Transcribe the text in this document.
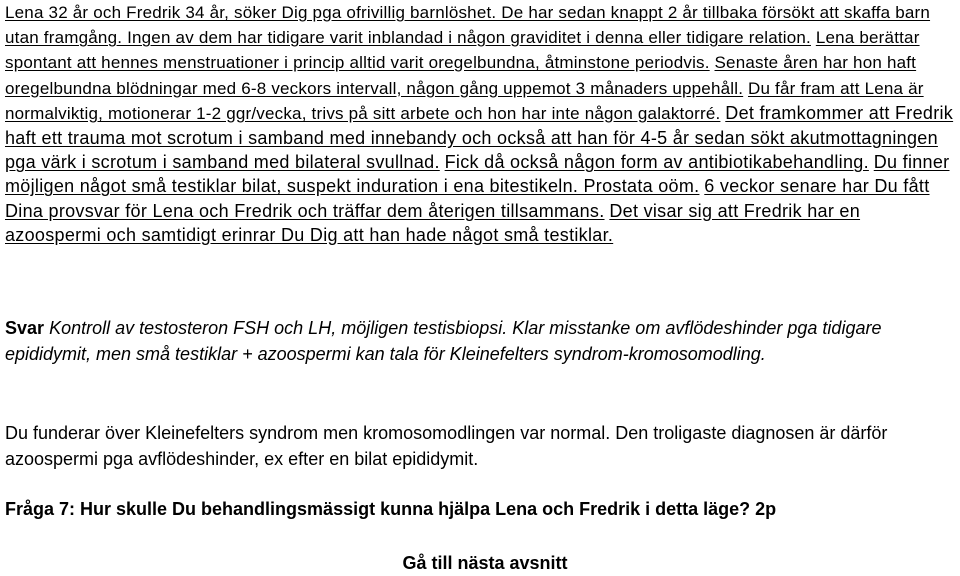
Lena 32 år och Fredrik 34 år, söker Dig pga ofrivillig barnlöshet. De har sedan knappt 2 år tillbaka försökt att skaffa barn utan framgång. Ingen av dem har tidigare varit inblandad i någon graviditet i denna eller tidigare relation. Lena berättar spontant att hennes menstruationer i princip alltid varit oregelbundna, åtminstone periodvis. Senaste åren har hon haft oregelbundna blödningar med 6-8 veckors intervall, någon gång uppemot 3 månaders uppehåll. Du får fram att Lena är normalviktig, motionerar 1-2 ggr/vecka, trivs på sitt arbete och hon har inte någon galaktorré. Det framkommer att Fredrik haft ett trauma mot scrotum i samband med innebandy och också att han för 4-5 år sedan sökt akutmottagningen pga värk i scrotum i samband med bilateral svullnad. Fick då också någon form av antibiotikabehandling. Du finner möjligen något små testiklar bilat, suspekt induration i ena bitestikeln. Prostata oöm. 6 veckor senare har Du fått Dina provsvar för Lena och Fredrik och träffar dem återigen tillsammans. Det visar sig att Fredrik har en azoospermi och samtidigt erinrar Du Dig att han hade något små testiklar.
Svar Kontroll av testosteron FSH och LH, möjligen testisbiopsi. Klar misstanke om avflödeshinder pga tidigare epididymit, men små testiklar + azoospermi kan tala för Kleinefelters syndrom-kromosomodling.
Du funderar över Kleinefelters syndrom men kromosomodlingen var normal. Den troligaste diagnosen är därför azoospermi pga avflödeshinder, ex efter en bilat epididymit.
Fråga 7: Hur skulle Du behandlingsmässigt kunna hjälpa Lena och Fredrik i detta läge? 2p
Gå till nästa avsnitt
